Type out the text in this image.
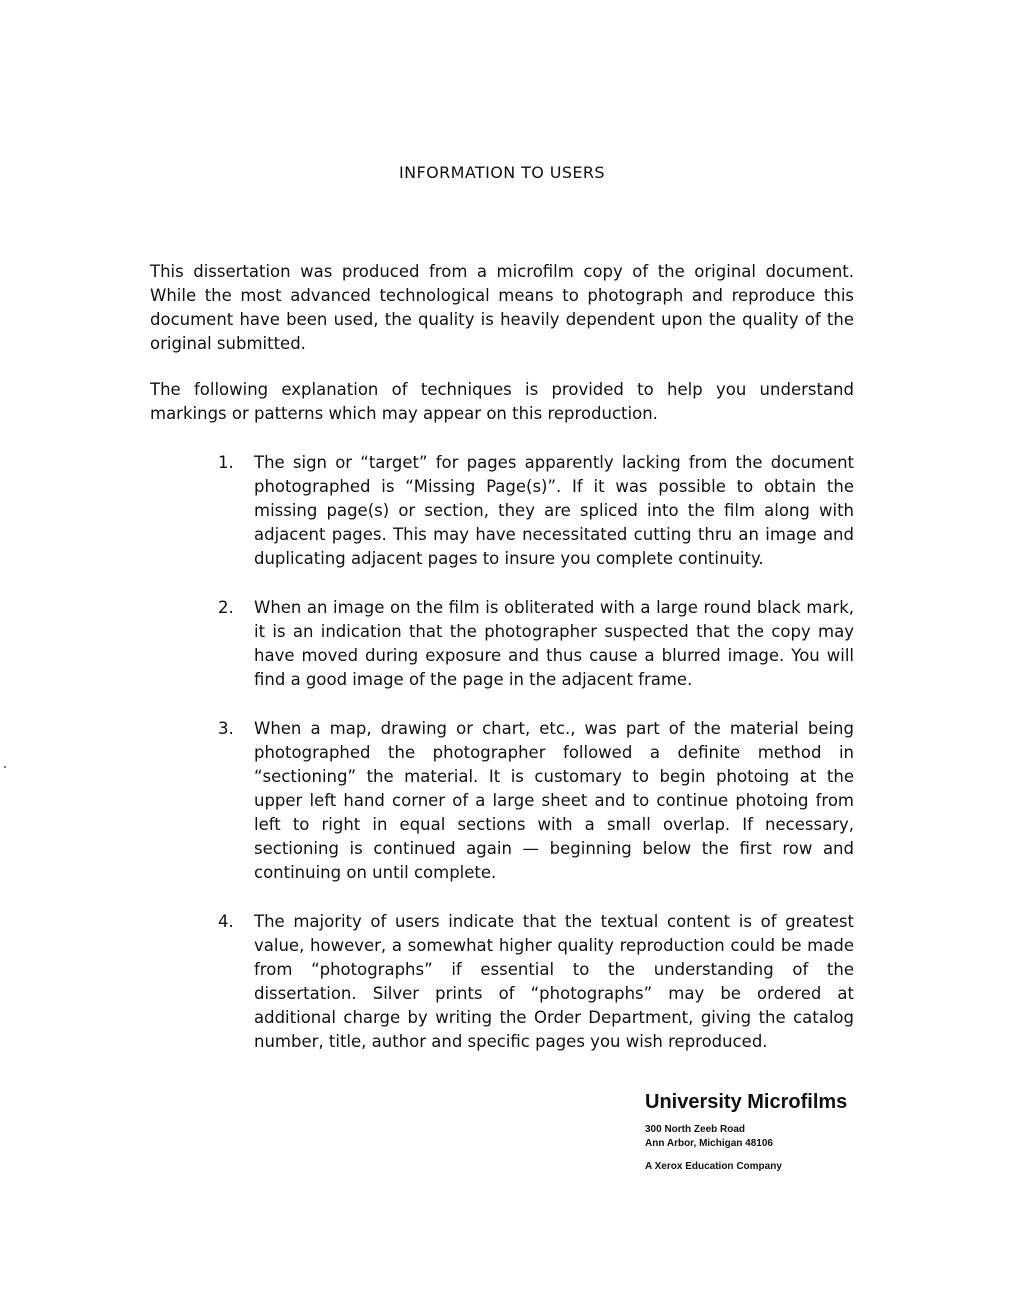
INFORMATION TO USERS

This dissertation was produced from a microfilm copy of the original document. While the most advanced technological means to photograph and reproduce this document have been used, the quality is heavily dependent upon the quality of the original submitted.

The following explanation of techniques is provided to help you understand markings or patterns which may appear on this reproduction.

1. The sign or “target” for pages apparently lacking from the document photographed is “Missing Page(s)”. If it was possible to obtain the missing page(s) or section, they are spliced into the film along with adjacent pages. This may have necessitated cutting thru an image and duplicating adjacent pages to insure you complete continuity.
2. When an image on the film is obliterated with a large round black mark, it is an indication that the photographer suspected that the copy may have moved during exposure and thus cause a blurred image. You will find a good image of the page in the adjacent frame.
3. When a map, drawing or chart, etc., was part of the material being photographed the photographer followed a definite method in “sectioning” the material. It is customary to begin photoing at the upper left hand corner of a large sheet and to continue photoing from left to right in equal sections with a small overlap. If necessary, sectioning is continued again — beginning below the first row and continuing on until complete.
4. The majority of users indicate that the textual content is of greatest value, however, a somewhat higher quality reproduction could be made from “photographs” if essential to the understanding of the dissertation. Silver prints of “photographs” may be ordered at additional charge by writing the Order Department, giving the catalog number, title, author and specific pages you wish reproduced.
University Microfilms
300 North Zeeb Road
Ann Arbor, Michigan 48106
A Xerox Education Company
